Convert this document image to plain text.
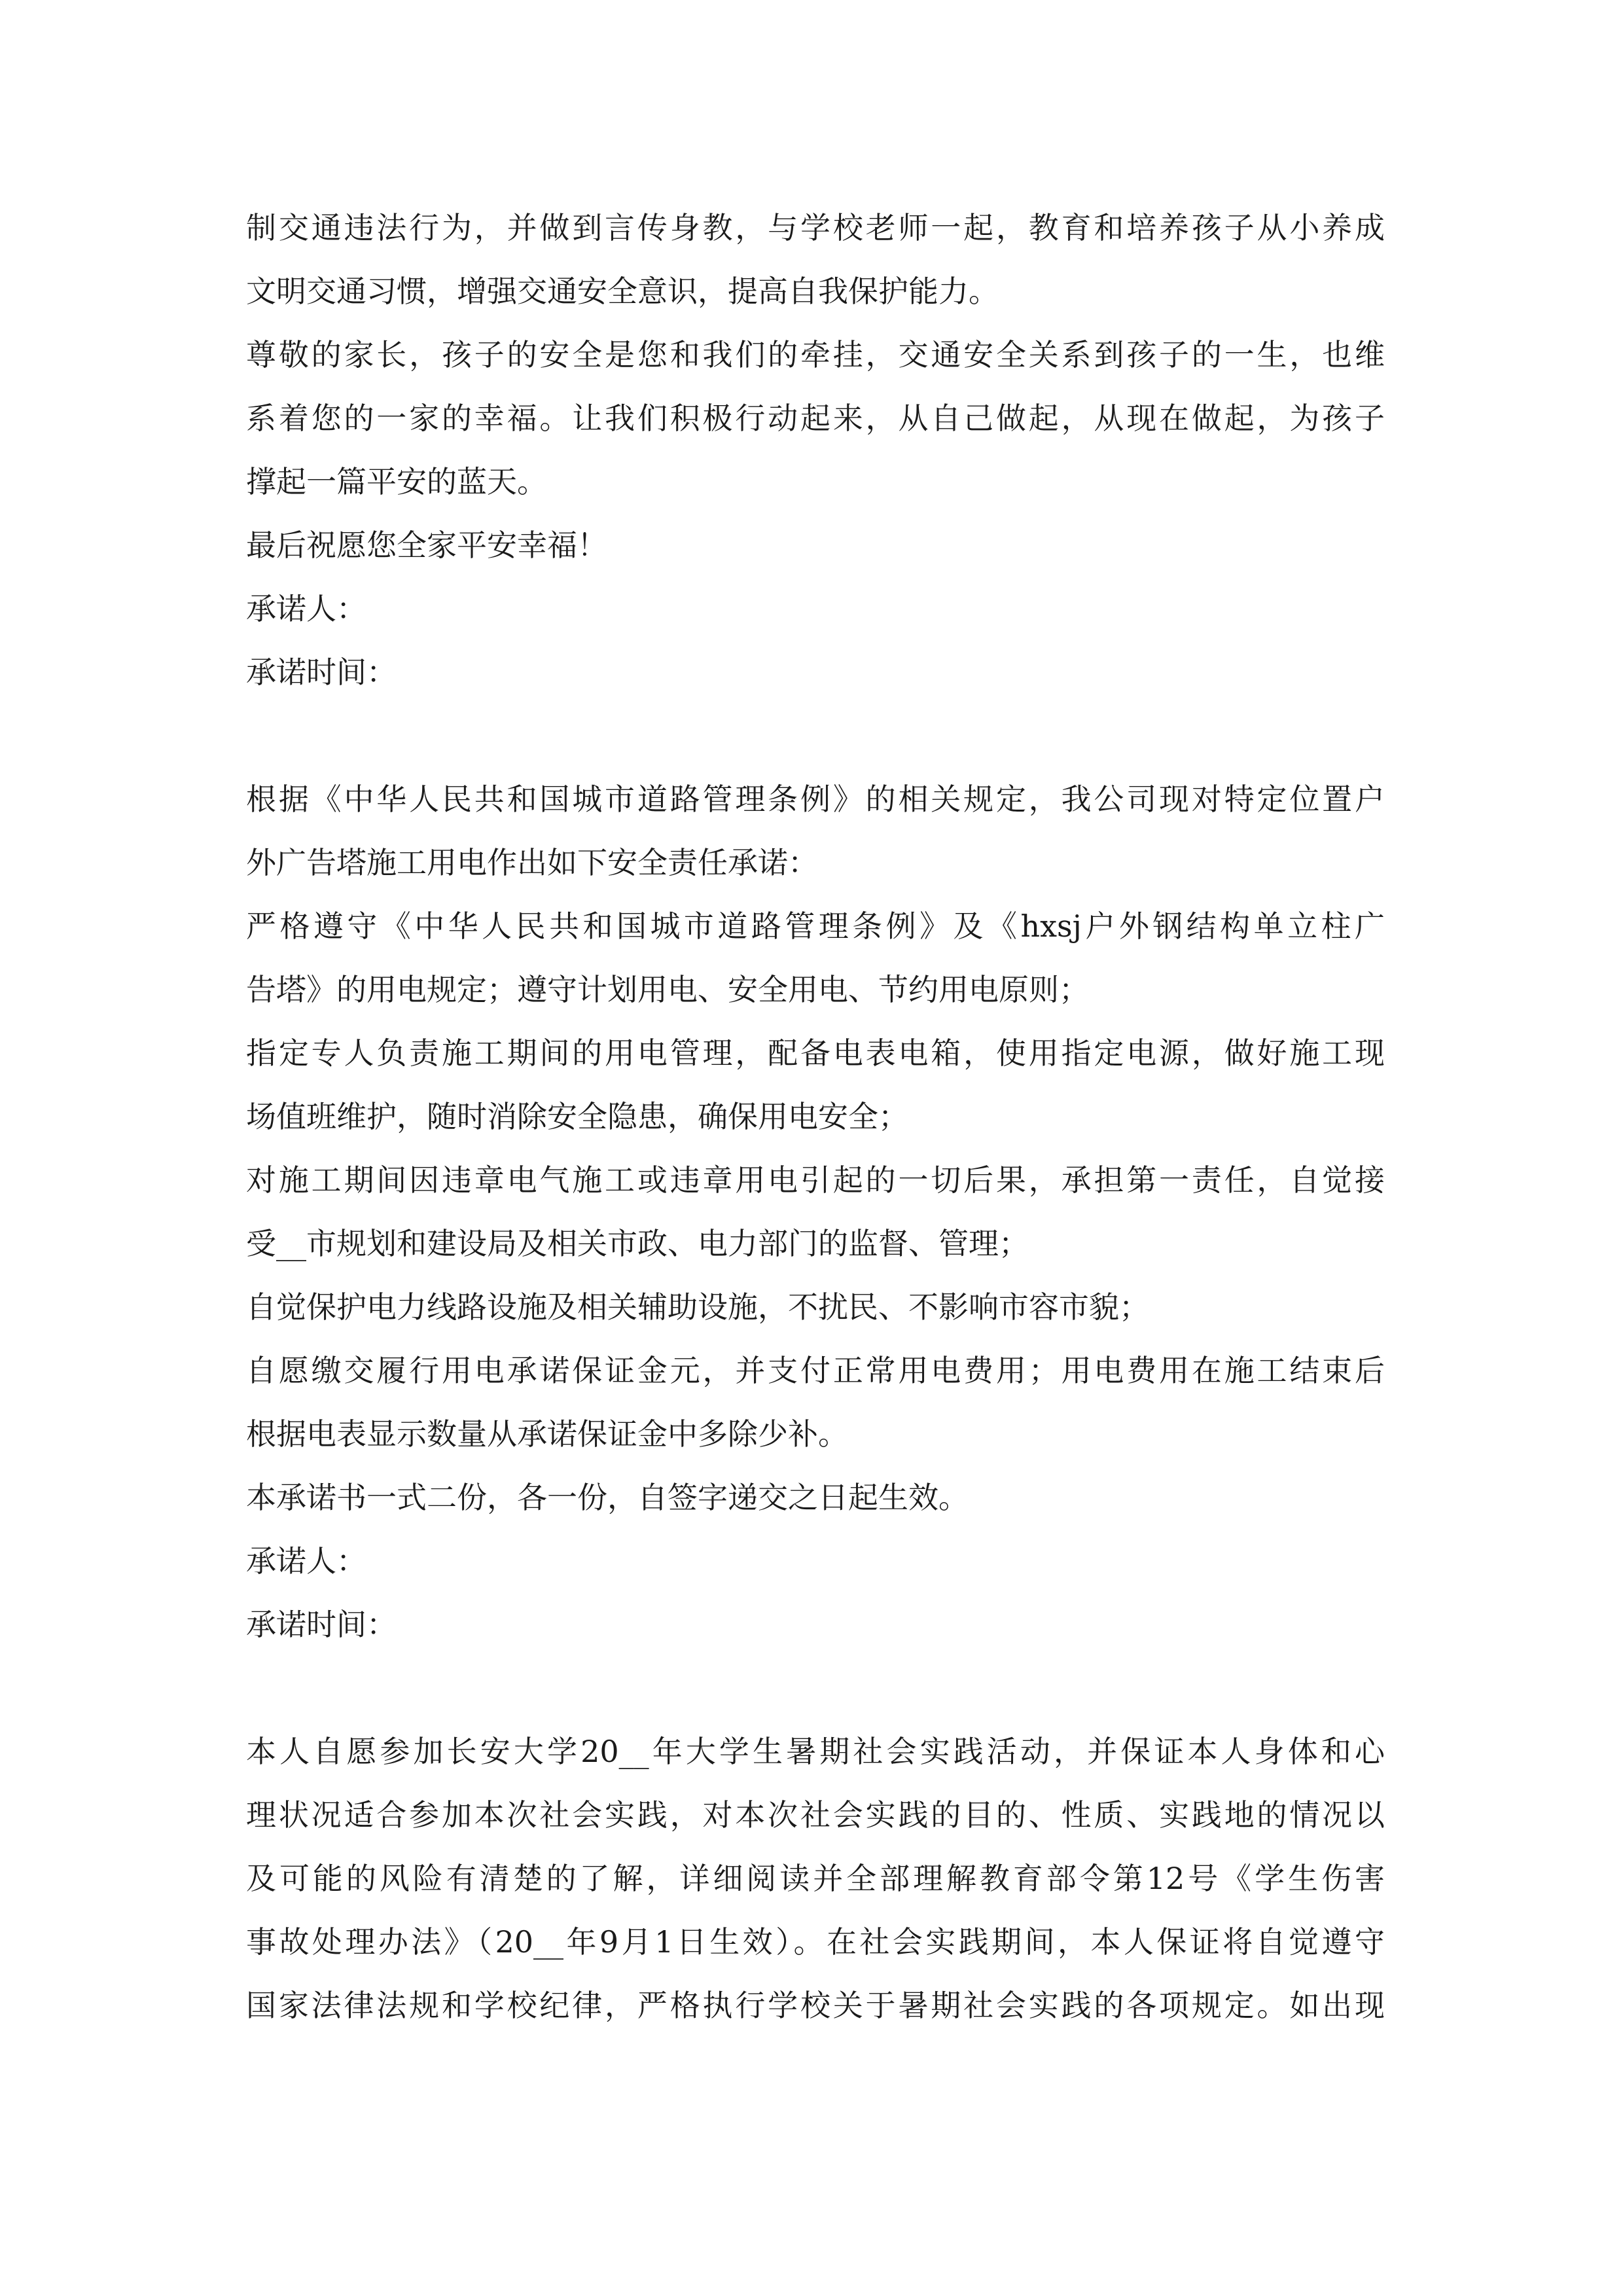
制交通违法行为，并做到言传身教，与学校老师一起，教育和培养孩子从小养成
文明交通习惯，增强交通安全意识，提高自我保护能力。
尊敬的家长，孩子的安全是您和我们的牵挂，交通安全关系到孩子的一生，也维
系着您的一家的幸福。让我们积极行动起来，从自己做起，从现在做起，为孩子
撑起一篇平安的蓝天。
最后祝愿您全家平安幸福！
承诺人：
承诺时间：
根据《中华人民共和国城市道路管理条例》的相关规定，我公司现对特定位置户
外广告塔施工用电作出如下安全责任承诺：
严格遵守《中华人民共和国城市道路管理条例》及《hxsj户外钢结构单立柱广
告塔》的用电规定；遵守计划用电、安全用电、节约用电原则；
指定专人负责施工期间的用电管理，配备电表电箱，使用指定电源，做好施工现
场值班维护，随时消除安全隐患，确保用电安全；
对施工期间因违章电气施工或违章用电引起的一切后果，承担第一责任，自觉接
受__市规划和建设局及相关市政、电力部门的监督、管理；
自觉保护电力线路设施及相关辅助设施，不扰民、不影响市容市貌；
自愿缴交履行用电承诺保证金元，并支付正常用电费用；用电费用在施工结束后
根据电表显示数量从承诺保证金中多除少补。
本承诺书一式二份，各一份，自签字递交之日起生效。
承诺人：
承诺时间：
本人自愿参加长安大学20__年大学生暑期社会实践活动，并保证本人身体和心
理状况适合参加本次社会实践，对本次社会实践的目的、性质、实践地的情况以
及可能的风险有清楚的了解，详细阅读并全部理解教育部令第12号《学生伤害
事故处理办法》（20__年9月1日生效）。在社会实践期间，本人保证将自觉遵守
国家法律法规和学校纪律，严格执行学校关于暑期社会实践的各项规定。如出现
